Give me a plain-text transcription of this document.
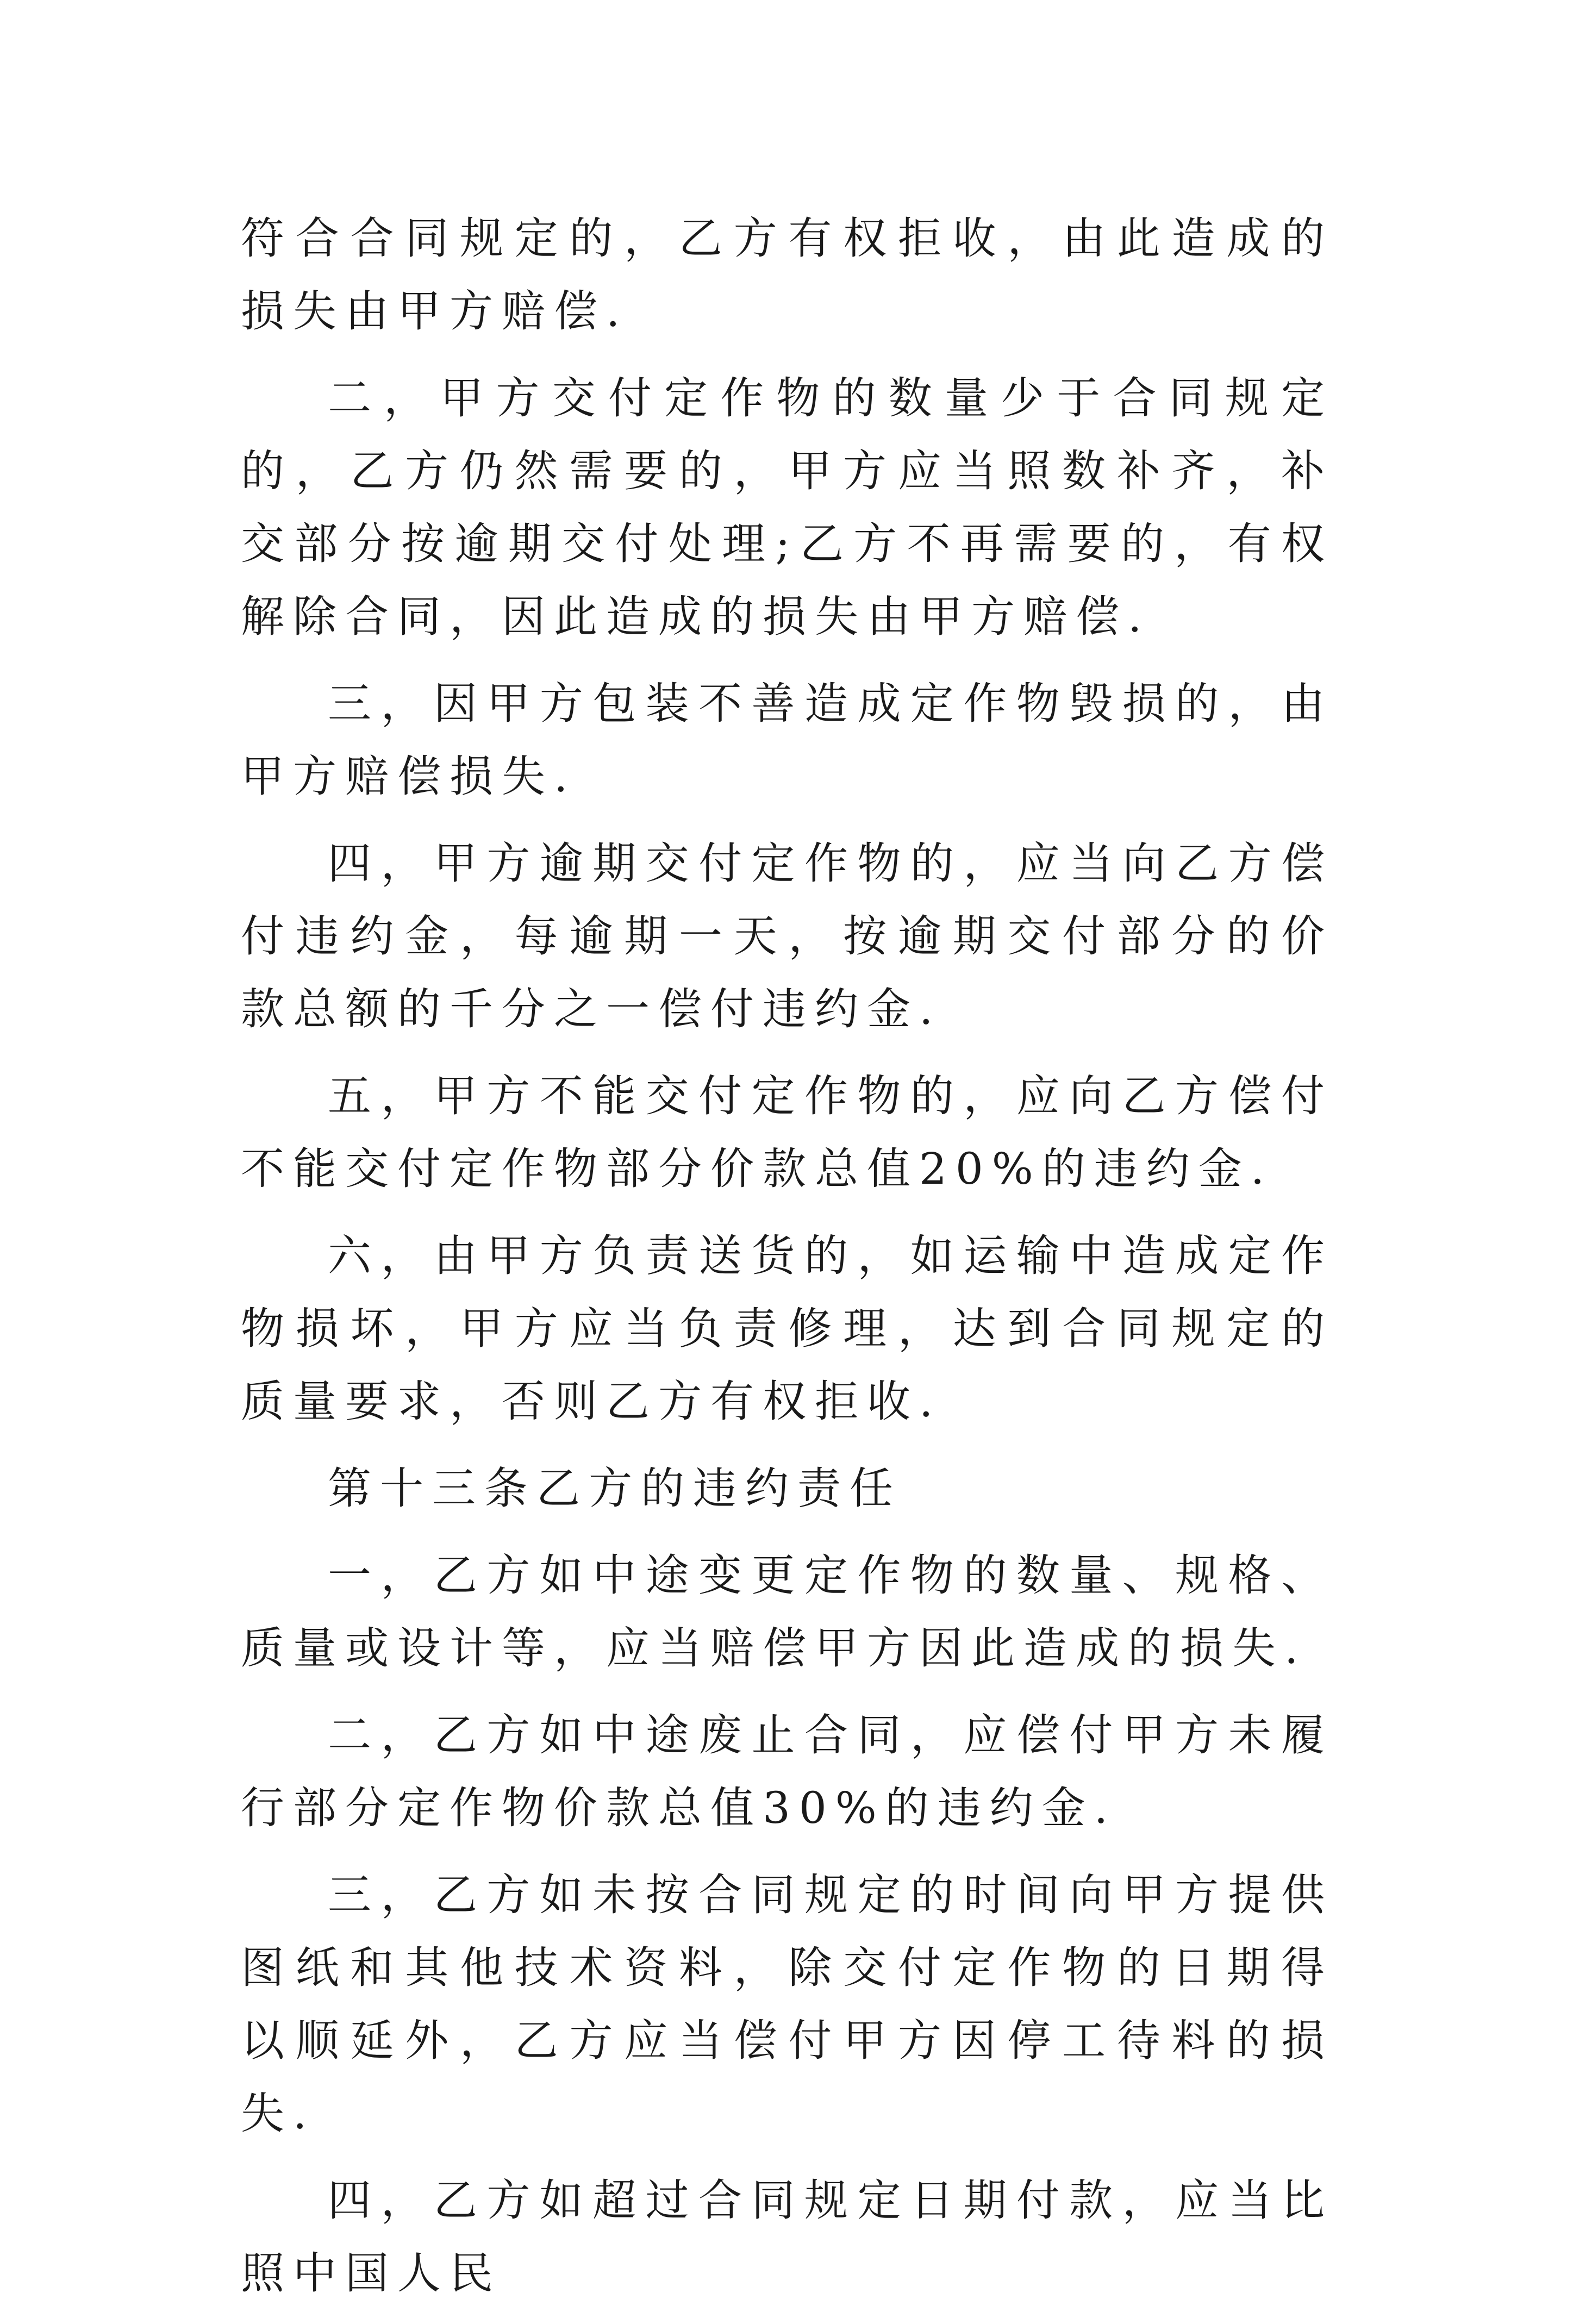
符合合同规定的，乙方有权拒收，由此造成的损失由甲方赔偿.

二，甲方交付定作物的数量少于合同规定的，乙方仍然需要的，甲方应当照数补齐，补交部分按逾期交付处理;乙方不再需要的，有权解除合同，因此造成的损失由甲方赔偿.

三，因甲方包装不善造成定作物毁损的，由甲方赔偿损失.

四，甲方逾期交付定作物的，应当向乙方偿付违约金，每逾期一天，按逾期交付部分的价款总额的千分之一偿付违约金.

五，甲方不能交付定作物的，应向乙方偿付不能交付定作物部分价款总值20%的违约金.

六，由甲方负责送货的，如运输中造成定作物损坏，甲方应当负责修理，达到合同规定的质量要求，否则乙方有权拒收.

第十三条乙方的违约责任

一，乙方如中途变更定作物的数量、规格、质量或设计等，应当赔偿甲方因此造成的损失.

二，乙方如中途废止合同，应偿付甲方未履行部分定作物价款总值30%的违约金.

三，乙方如未按合同规定的时间向甲方提供图纸和其他技术资料，除交付定作物的日期得以顺延外，乙方应当偿付甲方因停工待料的损失.

四，乙方如超过合同规定日期付款，应当比照中国人民
